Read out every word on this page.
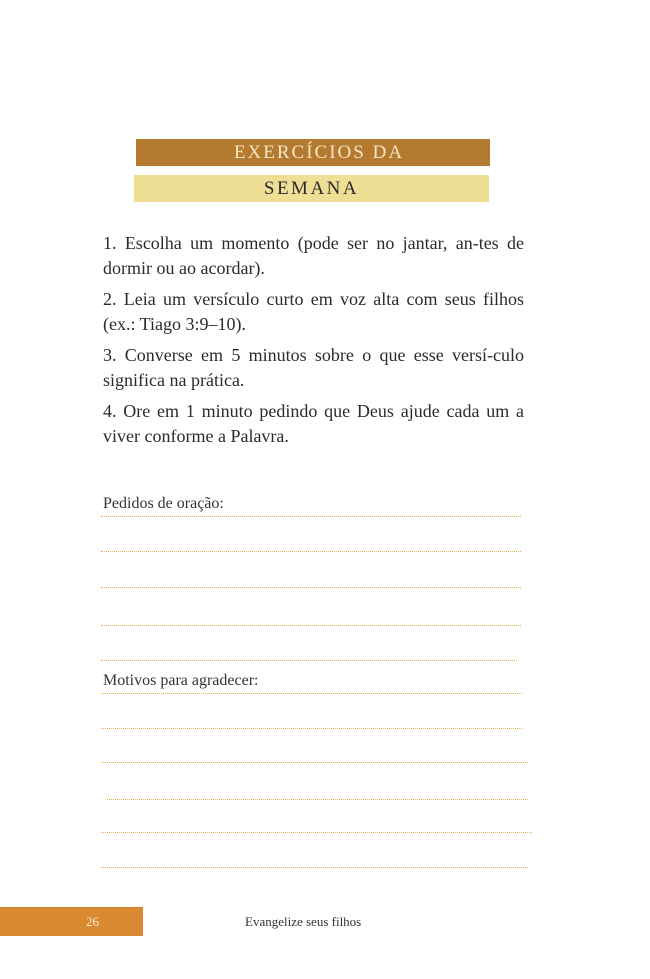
EXERCÍCIOS DA
SEMANA

1. Escolha um momento (pode ser no jantar, an-tes de dormir ou ao acordar).

2. Leia um versículo curto em voz alta com seus filhos (ex.: Tiago 3:9–10).

3. Converse em 5 minutos sobre o que esse versí-culo significa na prática.

4. Ore em 1 minuto pedindo que Deus ajude cada um a viver conforme a Palavra.

Pedidos de oração:
Motivos para agradecer:
26	Evangelize seus filhos
